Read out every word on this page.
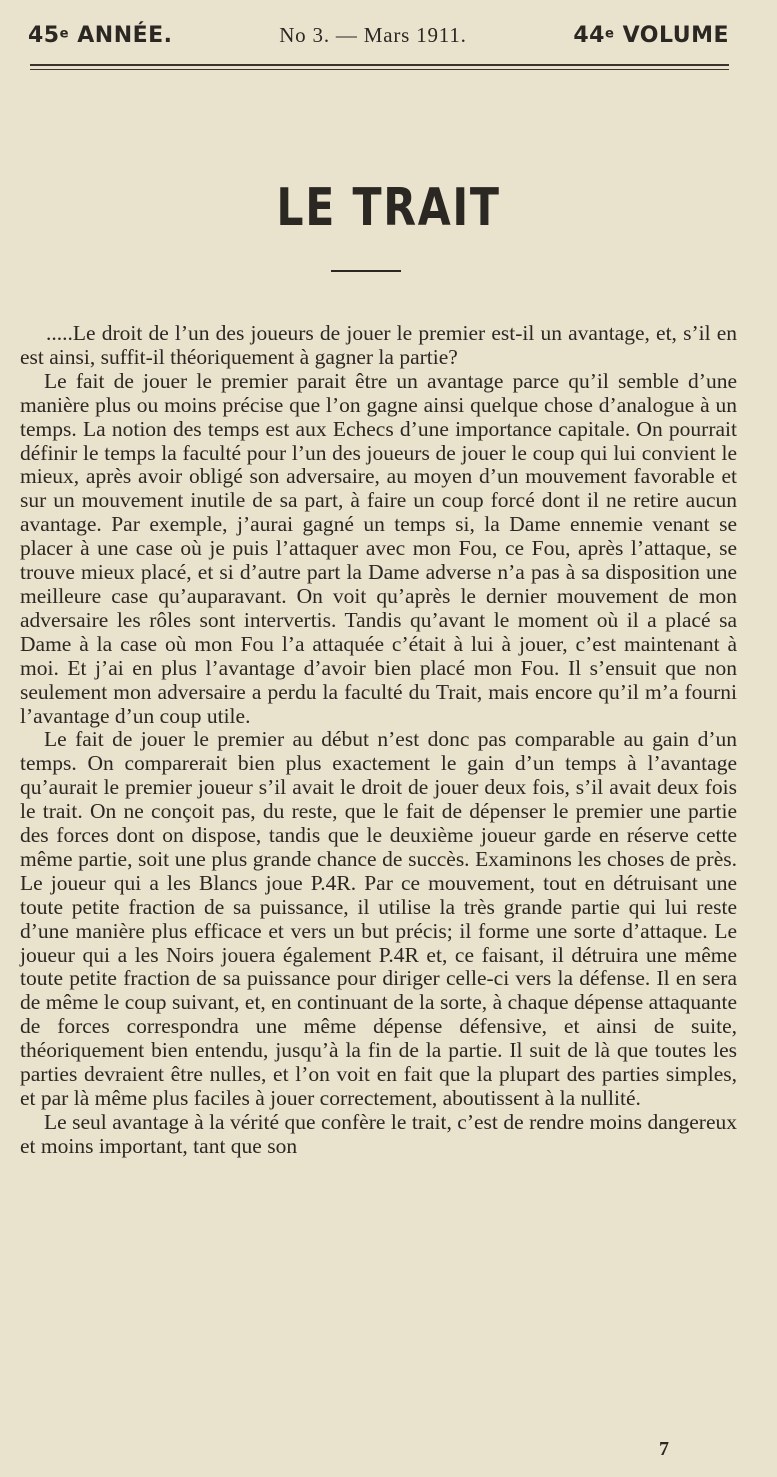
45e ANNÉE.	No 3. — Mars 1911.	44e VOLUME
LE TRAIT

.....Le droit de l’un des joueurs de jouer le premier est-il un avantage, et, s’il en est ainsi, suffit-il théoriquement à gagner la partie?

Le fait de jouer le premier parait être un avantage parce qu’il semble d’une manière plus ou moins précise que l’on gagne ainsi quelque chose d’analogue à un temps. La notion des temps est aux Echecs d’une importance capitale. On pourrait définir le temps la faculté pour l’un des joueurs de jouer le coup qui lui convient le mieux, après avoir obligé son adversaire, au moyen d’un mouvement favorable et sur un mouvement inutile de sa part, à faire un coup forcé dont il ne retire aucun avantage. Par exemple, j’aurai gagné un temps si, la Dame ennemie venant se placer à une case où je puis l’attaquer avec mon Fou, ce Fou, après l’attaque, se trouve mieux placé, et si d’autre part la Dame adverse n’a pas à sa disposition une meilleure case qu’auparavant. On voit qu’après le dernier mouvement de mon adversaire les rôles sont intervertis. Tandis qu’avant le moment où il a placé sa Dame à la case où mon Fou l’a attaquée c’était à lui à jouer, c’est maintenant à moi. Et j’ai en plus l’avantage d’avoir bien placé mon Fou. Il s’ensuit que non seulement mon adversaire a perdu la faculté du Trait, mais encore qu’il m’a fourni l’avantage d’un coup utile.

Le fait de jouer le premier au début n’est donc pas comparable au gain d’un temps. On comparerait bien plus exactement le gain d’un temps à l’avantage qu’aurait le premier joueur s’il avait le droit de jouer deux fois, s’il avait deux fois le trait. On ne conçoit pas, du reste, que le fait de dépenser le premier une partie des forces dont on dispose, tandis que le deuxième joueur garde en réserve cette même partie, soit une plus grande chance de succès. Examinons les choses de près. Le joueur qui a les Blancs joue P.4R. Par ce mouvement, tout en détruisant une toute petite fraction de sa puissance, il utilise la très grande partie qui lui reste d’une manière plus efficace et vers un but précis; il forme une sorte d’attaque. Le joueur qui a les Noirs jouera également P.4R et, ce faisant, il détruira une même toute petite fraction de sa puissance pour diriger celle-ci vers la défense. Il en sera de même le coup suivant, et, en continuant de la sorte, à chaque dépense attaquante de forces correspondra une même dépense défensive, et ainsi de suite, théoriquement bien entendu, jusqu’à la fin de la partie. Il suit de là que toutes les parties devraient être nulles, et l’on voit en fait que la plupart des parties simples, et par là même plus faciles à jouer correctement, aboutissent à la nullité.

Le seul avantage à la vérité que confère le trait, c’est de rendre moins dangereux et moins important, tant que son

7
